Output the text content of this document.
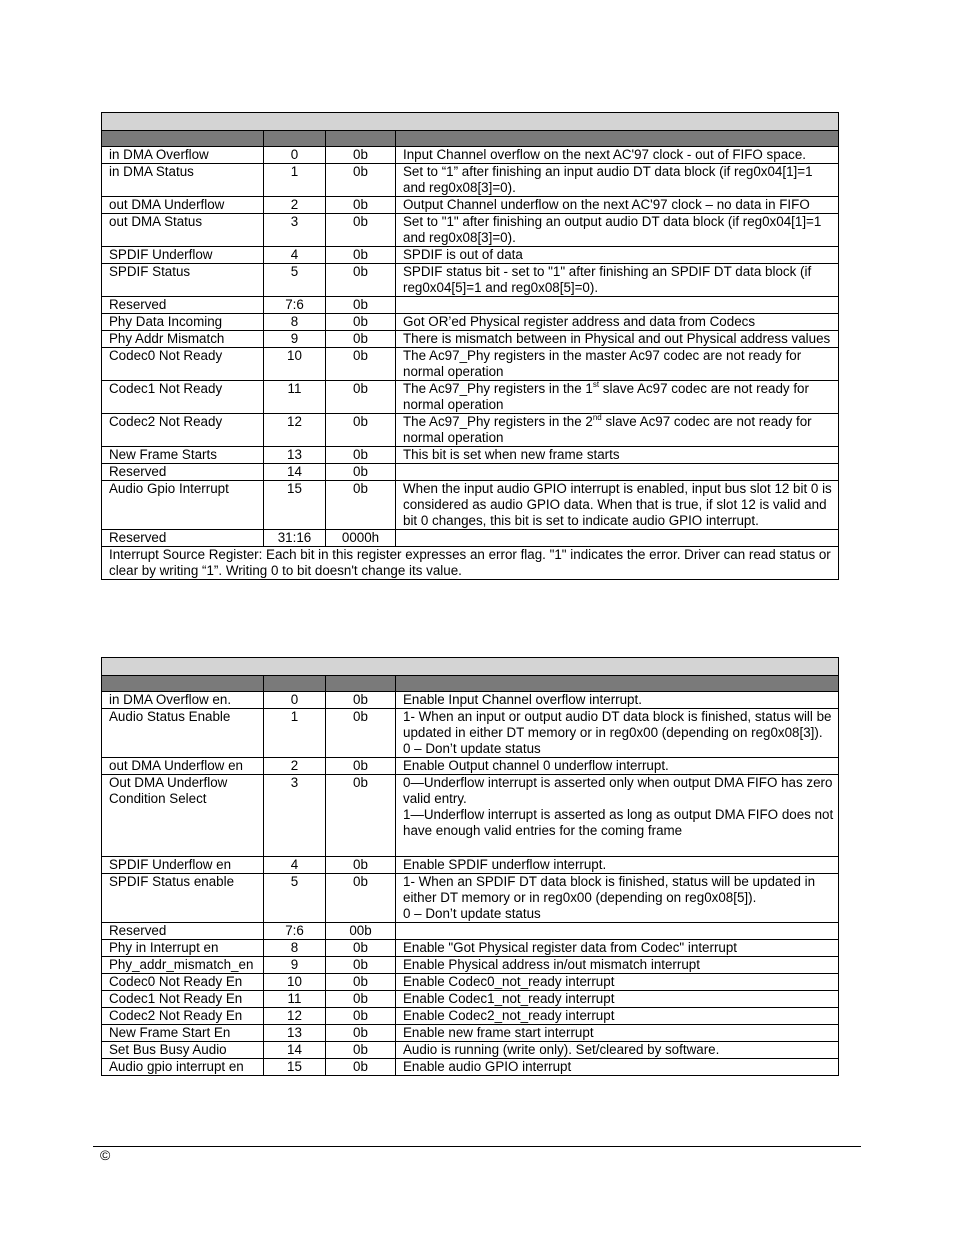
in DMA Overflow	0	0b	Input Channel overflow on the next AC'97 clock - out of FIFO space.
in DMA Status	1	0b	Set to “1” after finishing an input audio DT data block (if reg0x04[1]=1 and reg0x08[3]=0).
out DMA Underflow	2	0b	Output Channel underflow on the next AC'97 clock – no data in FIFO
out DMA Status	3	0b	Set to "1" after finishing an output audio DT data block (if reg0x04[1]=1 and reg0x08[3]=0).
SPDIF Underflow	4	0b	SPDIF is out of data
SPDIF Status	5	0b	SPDIF status bit - set to "1" after finishing an SPDIF DT data block (if reg0x04[5]=1 and reg0x08[5]=0).
Reserved	7:6	0b	
Phy Data Incoming	8	0b	Got OR’ed Physical register address and data from Codecs
Phy Addr Mismatch	9	0b	There is mismatch between in Physical and out Physical address values
Codec0 Not Ready	10	0b	The Ac97_Phy registers in the master Ac97 codec are not ready for normal operation
Codec1 Not Ready	11	0b	The Ac97_Phy registers in the 1st slave Ac97 codec are not ready for normal operation
Codec2 Not Ready	12	0b	The Ac97_Phy registers in the 2nd slave Ac97 codec are not ready for normal operation
New Frame Starts	13	0b	This bit is set when new frame starts
Reserved	14	0b	
Audio Gpio Interrupt	15	0b	When the input audio GPIO interrupt is enabled, input bus slot 12 bit 0 is considered as audio GPIO data. When that is true, if slot 12 is valid and bit 0 changes, this bit is set to indicate audio GPIO interrupt.
Reserved	31:16	0000h	
Interrupt Source Register: Each bit in this register expresses an error flag. "1" indicates the error. Driver can read status or clear by writing “1”. Writing 0 to bit doesn't change its value.			

in DMA Overflow en.	0	0b	Enable Input Channel overflow interrupt.
Audio Status Enable	1	0b	1- When an input or output audio DT data block is finished, status will be updated in either DT memory or in reg0x00 (depending on reg0x08[3]).
0 – Don’t update status

out DMA Underflow en	2	0b	Enable Output channel 0 underflow interrupt.
Out DMA Underflow Condition Select	3	0b	0—Underflow interrupt is asserted only when output DMA FIFO has zero valid entry.
1—Underflow interrupt is asserted as long as output DMA FIFO does not have enough valid entries for the coming frame

SPDIF Underflow en	4	0b	Enable SPDIF underflow interrupt.
SPDIF Status enable	5	0b	1- When an SPDIF DT data block is finished, status will be updated in either DT memory or in reg0x00 (depending on reg0x08[5]).
0 – Don’t update status

Reserved	7:6	00b	
Phy in Interrupt en	8	0b	Enable "Got Physical register data from Codec" interrupt
Phy_addr_mismatch_en	9	0b	Enable Physical address in/out mismatch interrupt
Codec0 Not Ready En	10	0b	Enable Codec0_not_ready interrupt
Codec1 Not Ready En	11	0b	Enable Codec1_not_ready interrupt
Codec2 Not Ready En	12	0b	Enable Codec2_not_ready interrupt
New Frame Start En	13	0b	Enable new frame start interrupt
Set Bus Busy Audio	14	0b	Audio is running (write only). Set/cleared by software.
Audio gpio interrupt en	15	0b	Enable audio GPIO interrupt
©
